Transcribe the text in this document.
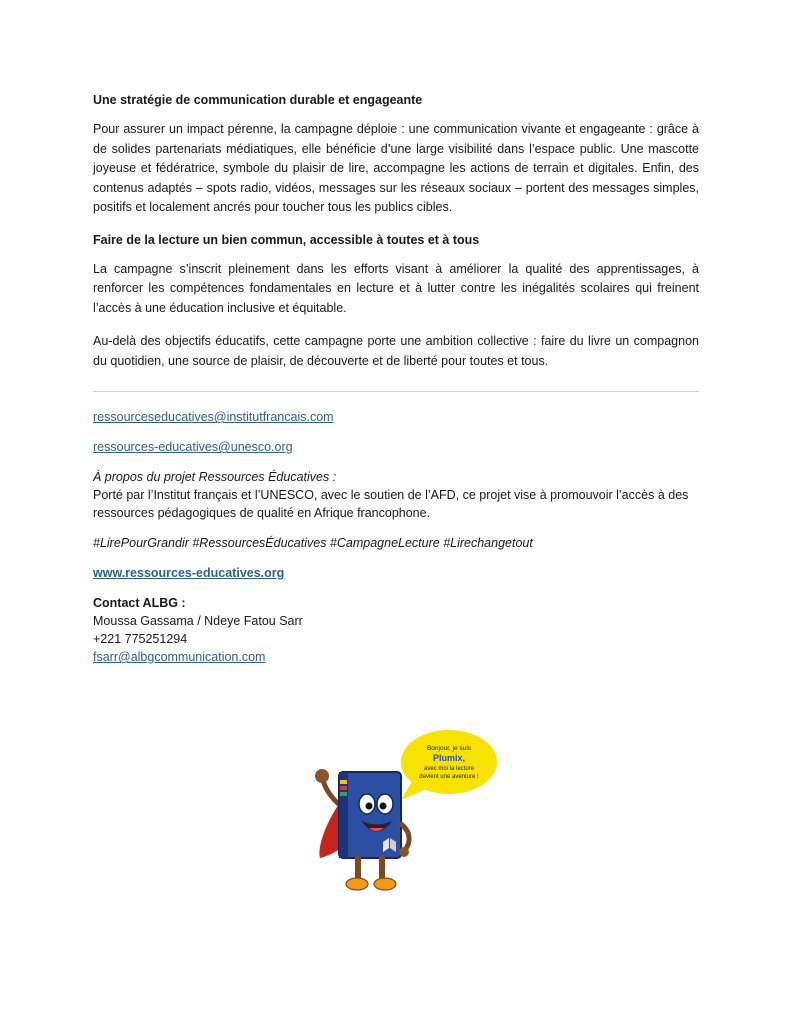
Une stratégie de communication durable et engageante

Pour assurer un impact pérenne, la campagne déploie : une communication vivante et engageante : grâce à de solides partenariats médiatiques, elle bénéficie d’une large visibilité dans l’espace public. Une mascotte joyeuse et fédératrice, symbole du plaisir de lire, accompagne les actions de terrain et digitales. Enfin, des contenus adaptés – spots radio, vidéos, messages sur les réseaux sociaux – portent des messages simples, positifs et localement ancrés pour toucher tous les publics cibles.

Faire de la lecture un bien commun, accessible à toutes et à tous

La campagne s’inscrit pleinement dans les efforts visant à améliorer la qualité des apprentissages, à renforcer les compétences fondamentales en lecture et à lutter contre les inégalités scolaires qui freinent l’accès à une éducation inclusive et équitable.

Au-delà des objectifs éducatifs, cette campagne porte une ambition collective : faire du livre un compagnon du quotidien, une source de plaisir, de découverte et de liberté pour toutes et tous.

ressourceseducatives@institutfrancais.com
ressources-educatives@unesco.org
À propos du projet Ressources Éducatives :
Porté par l’Institut français et l’UNESCO, avec le soutien de l’AFD, ce projet vise à promouvoir l’accès à des ressources pédagogiques de qualité en Afrique francophone.
#LirePourGrandir #RessourcesÉducatives #CampagneLecture #Lirechangetout
www.ressources-educatives.org
Contact ALBG :
Moussa Gassama / Ndeye Fatou Sarr
+221 775251294
fsarr@albgcommunication.com
Bonjour, je suis
Plumix,
avec moi la lecture
devient une aventure !
